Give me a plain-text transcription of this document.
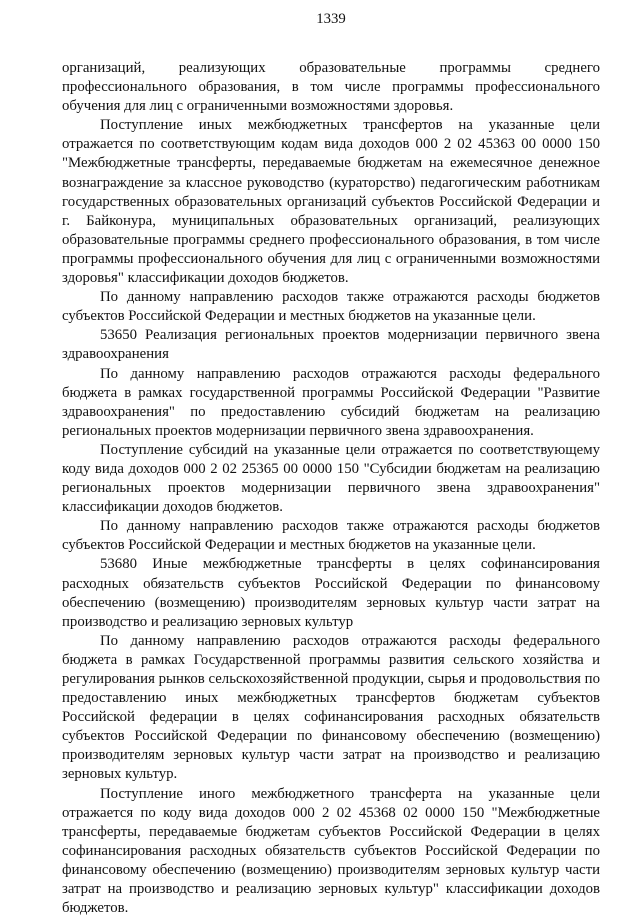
1339

организаций, реализующих образовательные программы среднего профессионального образования, в том числе программы профессионального обучения для лиц с ограниченными возможностями здоровья.

Поступление иных межбюджетных трансфертов на указанные цели отражается по соответствующим кодам вида доходов 000 2 02 45363 00 0000 150 "Межбюджетные трансферты, передаваемые бюджетам на ежемесячное денежное вознаграждение за классное руководство (кураторство) педагогическим работникам государственных образовательных организаций субъектов Российской Федерации и г. Байконура, муниципальных образовательных организаций, реализующих образовательные программы среднего профессионального образования, в том числе программы профессионального обучения для лиц с ограниченными возможностями здоровья" классификации доходов бюджетов.

По данному направлению расходов также отражаются расходы бюджетов субъектов Российской Федерации и местных бюджетов на указанные цели.

53650 Реализация региональных проектов модернизации первичного звена здравоохранения

По данному направлению расходов отражаются расходы федерального бюджета в рамках государственной программы Российской Федерации "Развитие здравоохранения" по предоставлению субсидий бюджетам на реализацию региональных проектов модернизации первичного звена здравоохранения.

Поступление субсидий на указанные цели отражается по соответствующему коду вида доходов 000 2 02 25365 00 0000 150 "Субсидии бюджетам на реализацию региональных проектов модернизации первичного звена здравоохранения" классификации доходов бюджетов.

По данному направлению расходов также отражаются расходы бюджетов субъектов Российской Федерации и местных бюджетов на указанные цели.

53680 Иные межбюджетные трансферты в целях софинансирования расходных обязательств субъектов Российской Федерации по финансовому обеспечению (возмещению) производителям зерновых культур части затрат на производство и реализацию зерновых культур

По данному направлению расходов отражаются расходы федерального бюджета в рамках Государственной программы развития сельского хозяйства и регулирования рынков сельскохозяйственной продукции, сырья и продовольствия по предоставлению иных межбюджетных трансфертов бюджетам субъектов Российской федерации в целях софинансирования расходных обязательств субъектов Российской Федерации по финансовому обеспечению (возмещению) производителям зерновых культур части затрат на производство и реализацию зерновых культур.

Поступление иного межбюджетного трансферта на указанные цели отражается по коду вида доходов 000 2 02 45368 02 0000 150 "Межбюджетные трансферты, передаваемые бюджетам субъектов Российской Федерации в целях софинансирования расходных обязательств субъектов Российской Федерации по финансовому обеспечению (возмещению) производителям зерновых культур части затрат на производство и реализацию зерновых культур" классификации доходов бюджетов.
